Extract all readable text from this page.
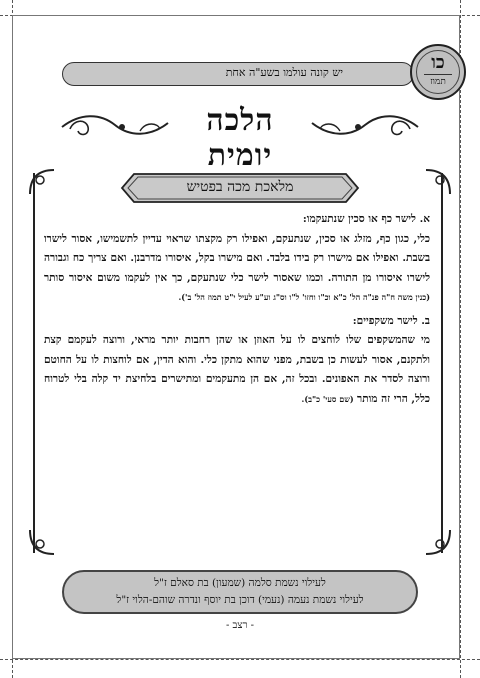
יש קונה עולמו בשע"ה אחת	כו
תמוז
הלכה יומית
מלאכת מכה בפטיש
א. לישר כף או סכין שנתעקמו:
כלי, כגון כף, מזלג או סכין, שנתעקם, ואפילו רק מקצתו שראוי עדיין לתשמישו, אסור לישרו בשבת. ואפילו אם מישרו רק בידו בלבד. ואם מישרו בקל, איסורו מדרבנן. ואם צריך כח וגבורה לישרו איסורו מן התורה. וכמו שאסור לישר כלי שנתעקם, כך אין לעקמו משום איסור סותר (כנין משה ח"ה פנ"ה הל' כ"א וכ"ו וחזו' ל"ו וס"ג וע"ע לעיל י"ט תמוז הל' ב').
ב. לישר משקפיים:
מי שהמשקפים שלו לוחצים לו על האוזן או שהן רחבות יותר מראי, ורוצה לעקמם קצת ולתקנם, אסור לעשות כן בשבת, מפני שהוא מתקן כלי. והוא הדין, אם לוחצות לו על החוטם ורוצה לסדר את האפונים. ובכל זה, אם הן מתעקמים ומתישרים בלחיצת יד קלה בלי לטרוח כלל, הרי זה מותר (שם סעי' כ"ב).
לעילוי נשמת סלמה (שמעון) בת סאלם ז"ל
לעילוי נשמת נעמה (נעמי) דוכן בת יוסף ונדרה שוהם-הלוי ז"ל
- רצב -
